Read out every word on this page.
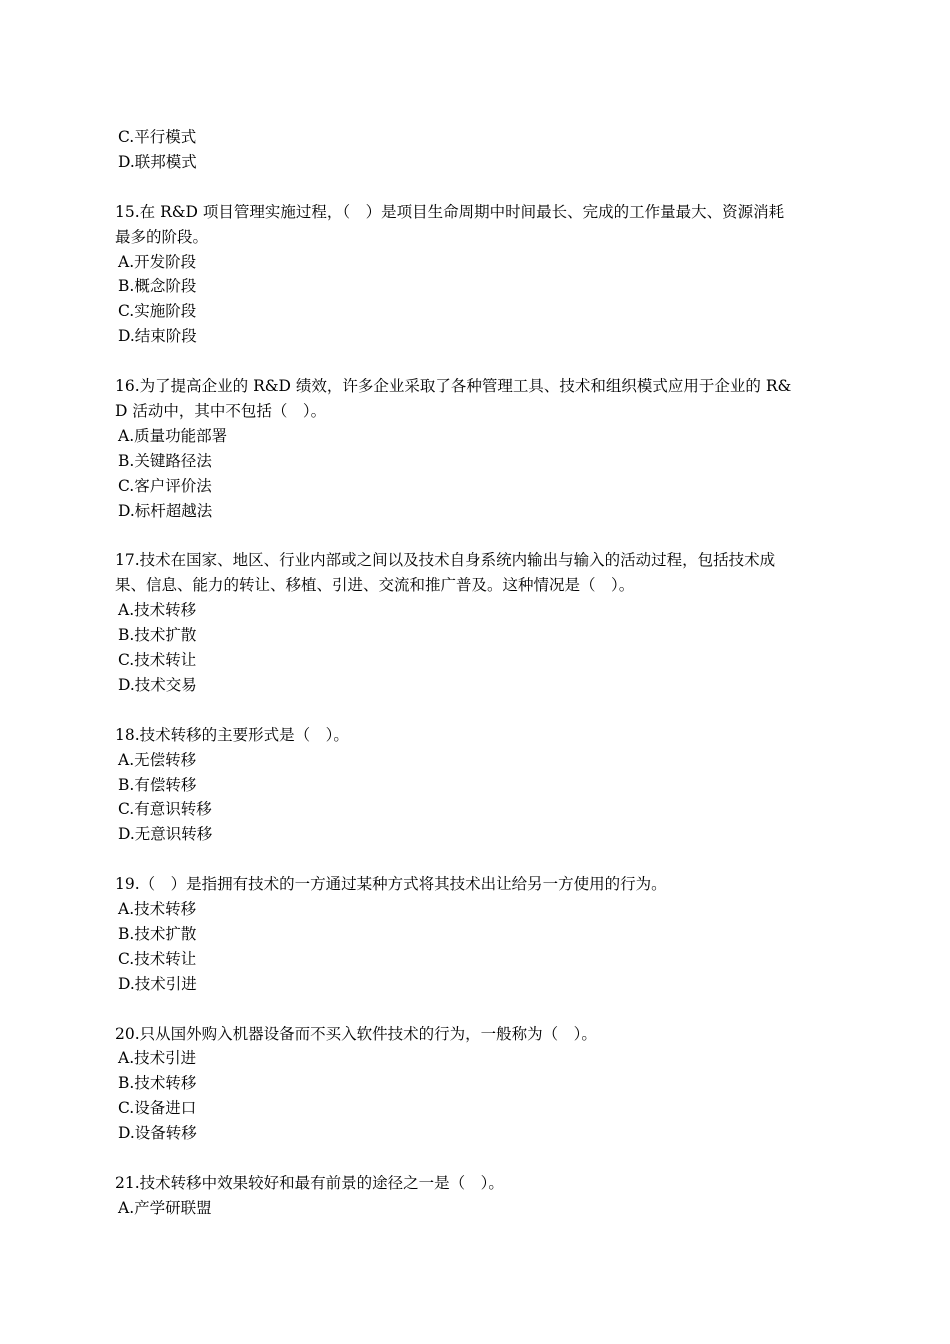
C.平行模式
D.联邦模式
15.在 R&D 项目管理实施过程，（　）是项目生命周期中时间最长、完成的工作量最大、资源消耗
最多的阶段。
A.开发阶段
B.概念阶段
C.实施阶段
D.结束阶段
16.为了提高企业的 R&D 绩效，许多企业采取了各种管理工具、技术和组织模式应用于企业的 R&
D 活动中，其中不包括（　）。
A.质量功能部署
B.关键路径法
C.客户评价法
D.标杆超越法
17.技术在国家、地区、行业内部或之间以及技术自身系统内输出与输入的活动过程，包括技术成
果、信息、能力的转让、移植、引进、交流和推广普及。这种情况是（　）。
A.技术转移
B.技术扩散
C.技术转让
D.技术交易
18.技术转移的主要形式是（　）。
A.无偿转移
B.有偿转移
C.有意识转移
D.无意识转移
19.（　）是指拥有技术的一方通过某种方式将其技术出让给另一方使用的行为。
A.技术转移
B.技术扩散
C.技术转让
D.技术引进
20.只从国外购入机器设备而不买入软件技术的行为，一般称为（　）。
A.技术引进
B.技术转移
C.设备进口
D.设备转移
21.技术转移中效果较好和最有前景的途径之一是（　）。
A.产学研联盟
